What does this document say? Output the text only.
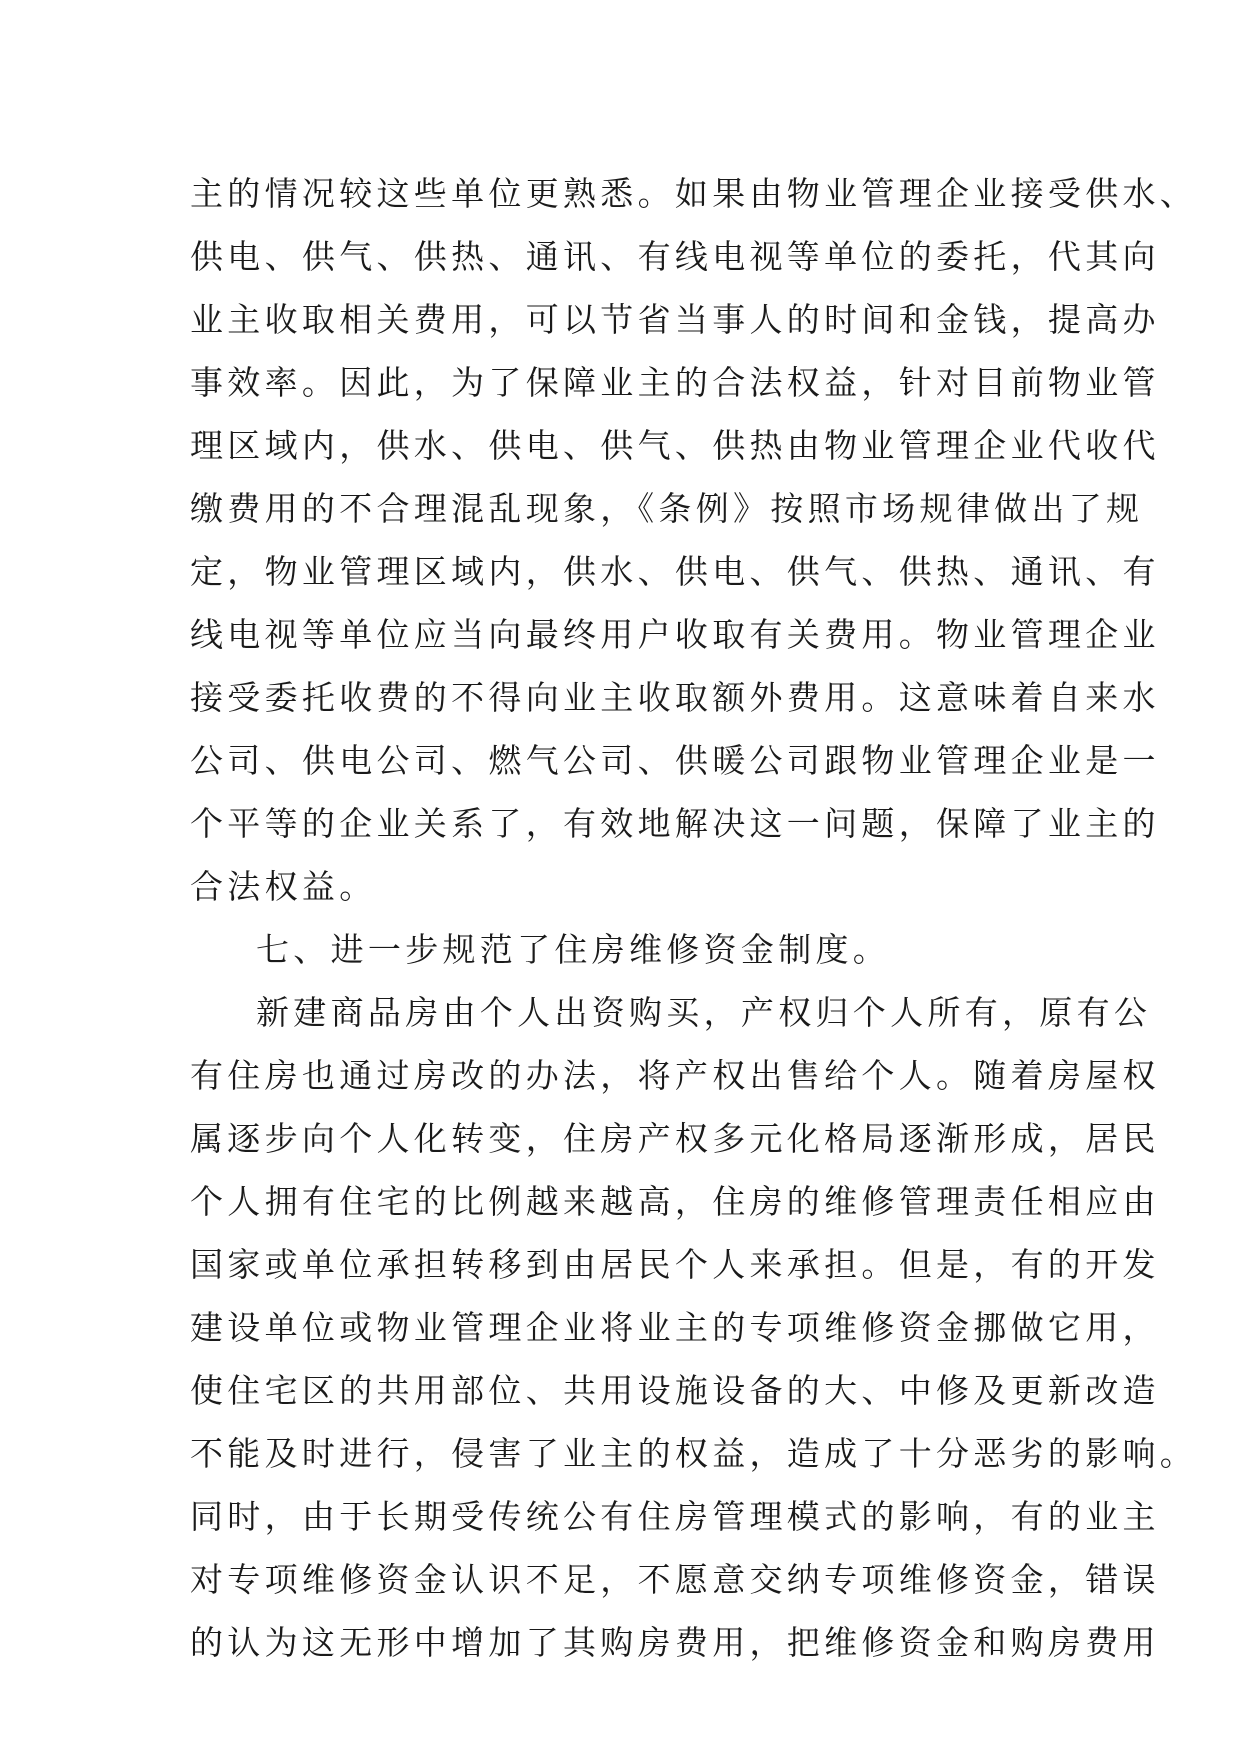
主的情况较这些单位更熟悉。如果由物业管理企业接受供水、
供电、供气、供热、通讯、有线电视等单位的委托，代其向
业主收取相关费用，可以节省当事人的时间和金钱，提高办
事效率。因此，为了保障业主的合法权益，针对目前物业管
理区域内，供水、供电、供气、供热由物业管理企业代收代
缴费用的不合理混乱现象，《条例》按照市场规律做出了规
定，物业管理区域内，供水、供电、供气、供热、通讯、有
线电视等单位应当向最终用户收取有关费用。物业管理企业
接受委托收费的不得向业主收取额外费用。这意味着自来水
公司、供电公司、燃气公司、供暖公司跟物业管理企业是一
个平等的企业关系了，有效地解决这一问题，保障了业主的
合法权益。
七、进一步规范了住房维修资金制度。
新建商品房由个人出资购买，产权归个人所有，原有公
有住房也通过房改的办法，将产权出售给个人。随着房屋权
属逐步向个人化转变，住房产权多元化格局逐渐形成，居民
个人拥有住宅的比例越来越高，住房的维修管理责任相应由
国家或单位承担转移到由居民个人来承担。但是，有的开发
建设单位或物业管理企业将业主的专项维修资金挪做它用，
使住宅区的共用部位、共用设施设备的大、中修及更新改造
不能及时进行，侵害了业主的权益，造成了十分恶劣的影响。
同时，由于长期受传统公有住房管理模式的影响，有的业主
对专项维修资金认识不足，不愿意交纳专项维修资金，错误
的认为这无形中增加了其购房费用，把维修资金和购房费用
